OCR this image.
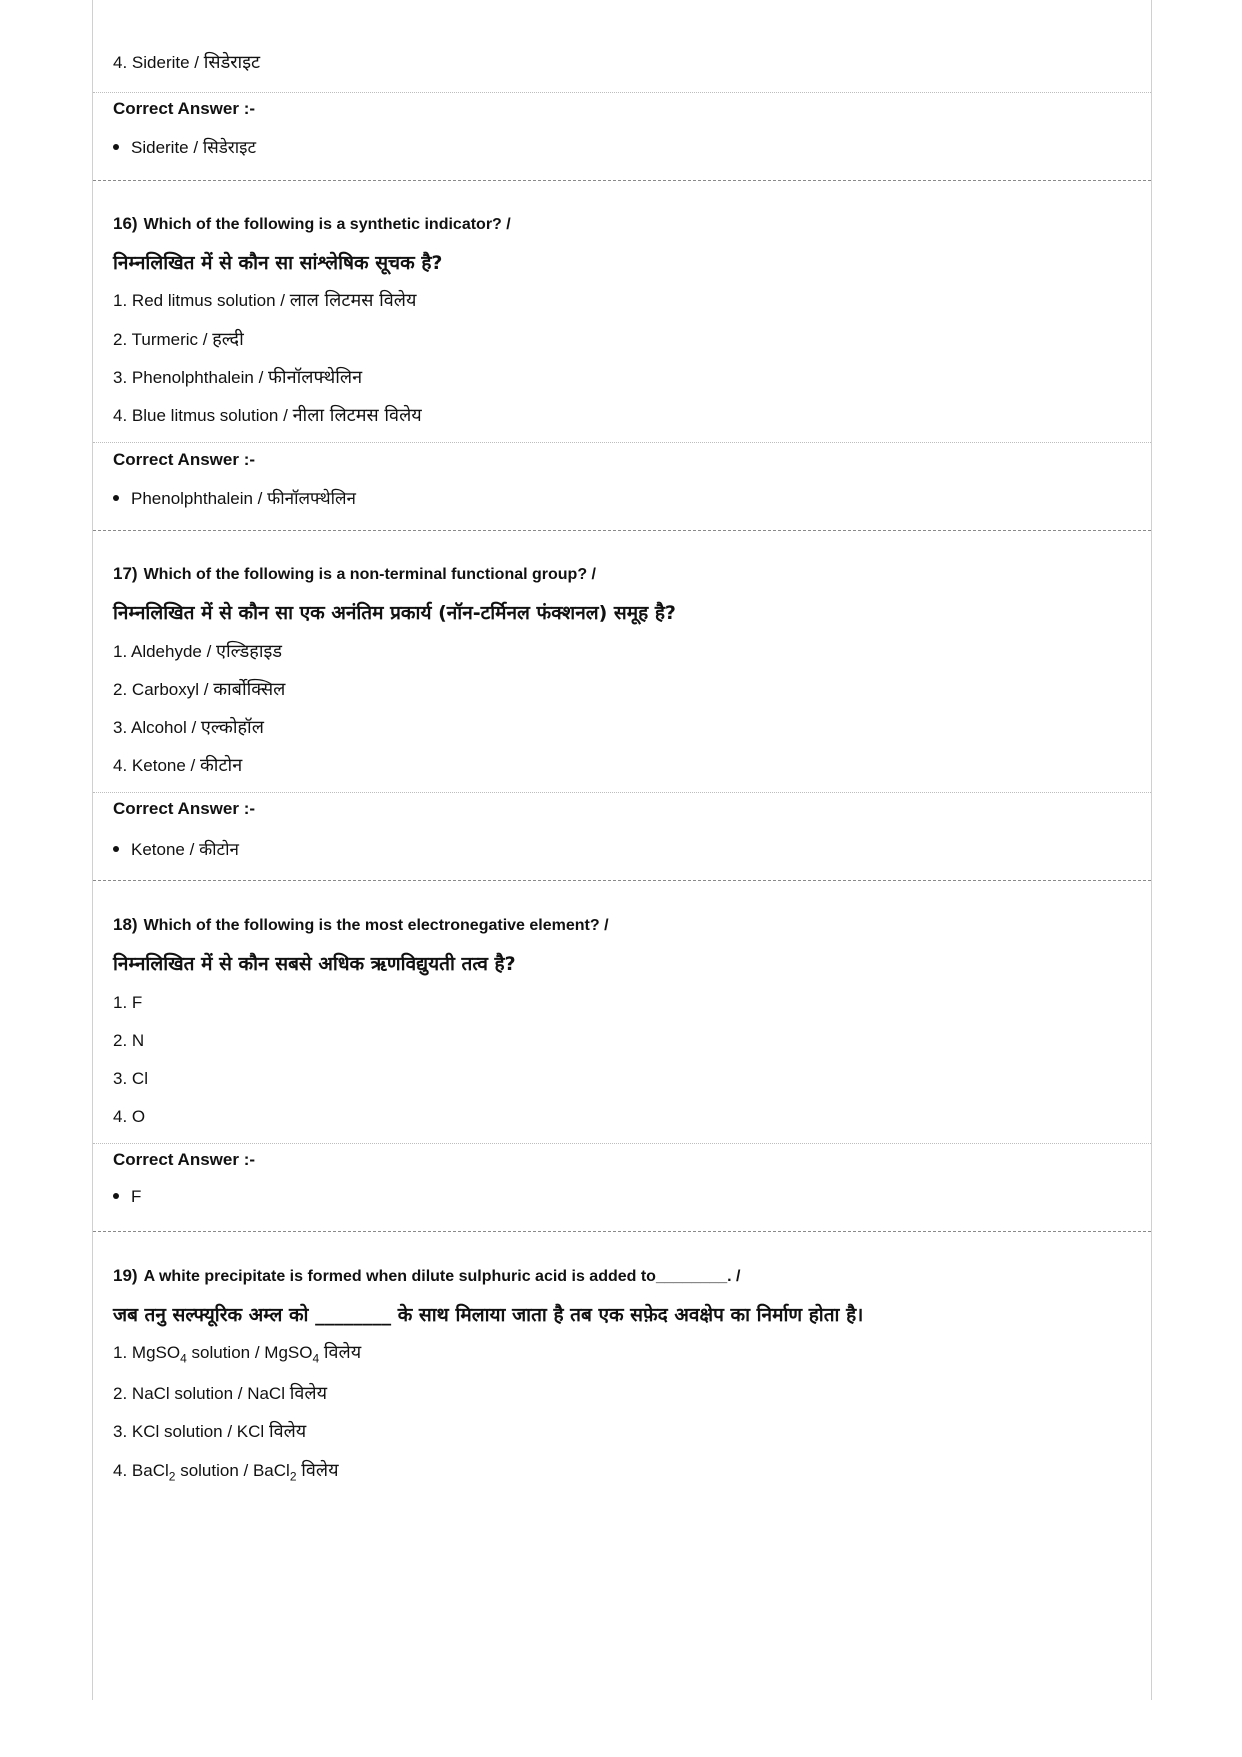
4. Siderite / सिडेराइट
Correct Answer :-
Siderite / सिडेराइट
16) Which of the following is a synthetic indicator? /
निम्नलिखित में से कौन सा सांश्लेषिक सूचक है?
1. Red litmus solution / लाल लिटमस विलेय
2. Turmeric / हल्दी
3. Phenolphthalein / फीनॉलफ्थेलिन
4. Blue litmus solution / नीला लिटमस विलेय
Correct Answer :-
Phenolphthalein / फीनॉलफ्थेलिन
17) Which of the following is a non-terminal functional group? /
निम्नलिखित में से कौन सा एक अनंतिम प्रकार्य (नॉन-टर्मिनल फंक्शनल) समूह है?
1. Aldehyde / एल्डिहाइड
2. Carboxyl / कार्बोक्सिल
3. Alcohol / एल्कोहॉल
4. Ketone / कीटोन
Correct Answer :-
Ketone / कीटोन
18) Which of the following is the most electronegative element? /
निम्नलिखित में से कौन सबसे अधिक ऋणविद्युयती तत्व है?
1. F
2. N
3. Cl
4. O
Correct Answer :-
F
19) A white precipitate is formed when dilute sulphuric acid is added to________. /
जब तनु सल्फ्यूरिक अम्ल को ________ के साथ मिलाया जाता है तब एक सफ़ेद अवक्षेप का निर्माण होता है।
1. MgSO$_4$ solution / MgSO$_4$ विलेय
2. NaCl solution / NaCl विलेय
3. KCl solution / KCl विलेय
4. BaCl$_2$ solution / BaCl$_2$ विलेय
